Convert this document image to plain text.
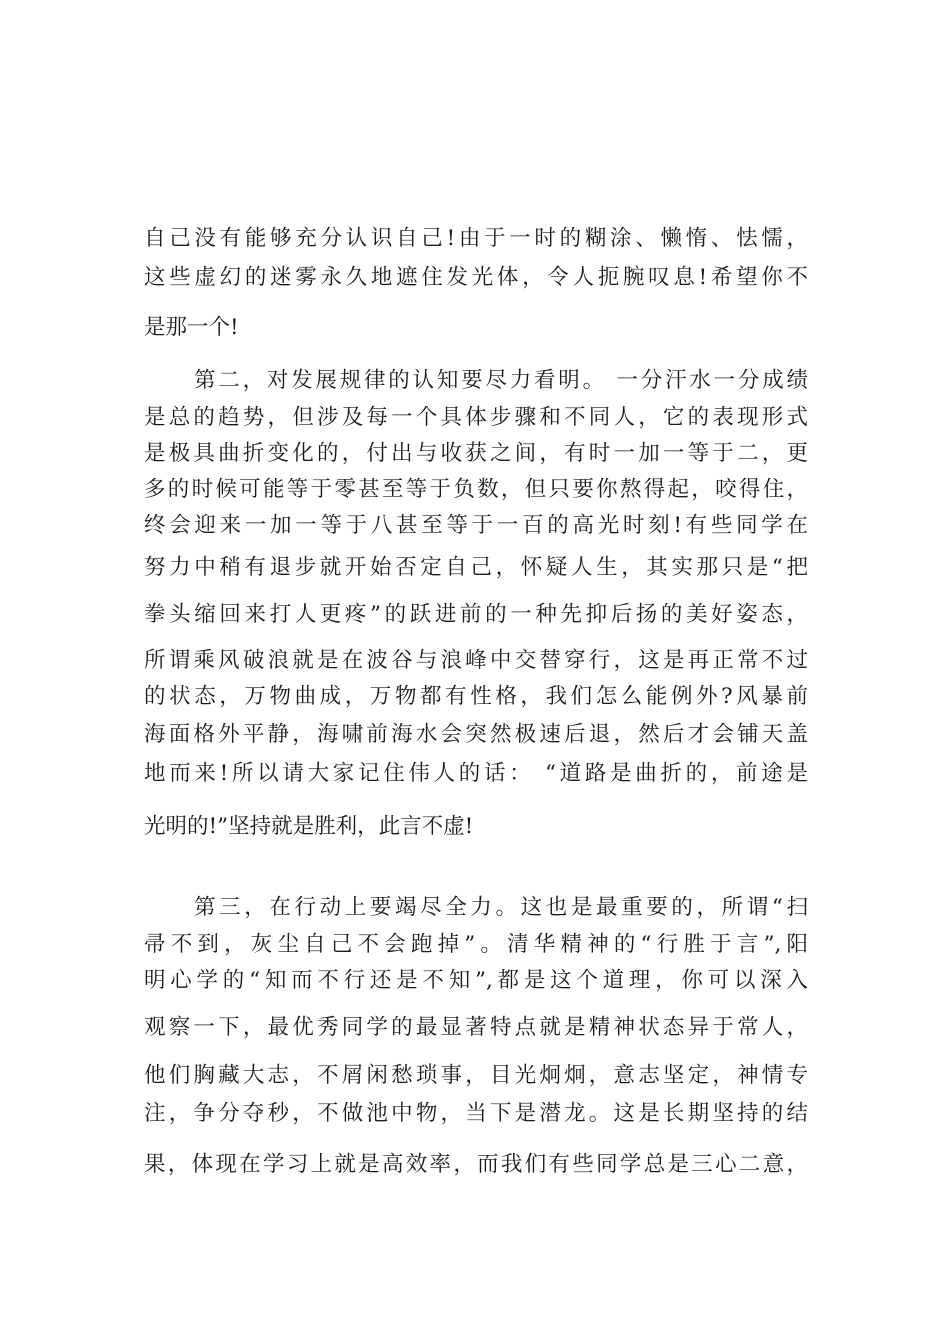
自己没有能够充分认识自己!由于一时的糊涂、懒惰、怯懦，

这些虚幻的迷雾永久地遮住发光体，令人扼腕叹息!希望你不

是那一个!

第二，对发展规律的认知要尽力看明。 一分汗水一分成绩

是总的趋势，但涉及每一个具体步骤和不同人，它的表现形式

是极具曲折变化的，付出与收获之间，有时一加一等于二，更

多的时候可能等于零甚至等于负数，但只要你熬得起，咬得住，

终会迎来一加一等于八甚至等于一百的高光时刻!有些同学在

努力中稍有退步就开始否定自己，怀疑人生，其实那只是“把

拳头缩回来打人更疼”的跃进前的一种先抑后扬的美好姿态，

所谓乘风破浪就是在波谷与浪峰中交替穿行，这是再正常不过

的状态，万物曲成，万物都有性格，我们怎么能例外?风暴前

海面格外平静，海啸前海水会突然极速后退，然后才会铺天盖

地而来!所以请大家记住伟人的话： “道路是曲折的，前途是

光明的!”坚持就是胜利，此言不虚!

第三，在行动上要竭尽全力。这也是最重要的，所谓“扫

帚不到，灰尘自己不会跑掉”。清华精神的“行胜于言”,阳

明心学的“知而不行还是不知”,都是这个道理，你可以深入

观察一下，最优秀同学的最显著特点就是精神状态异于常人，

他们胸藏大志，不屑闲愁琐事，目光炯炯，意志坚定，神情专

注，争分夺秒，不做池中物，当下是潜龙。这是长期坚持的结

果，体现在学习上就是高效率，而我们有些同学总是三心二意，
